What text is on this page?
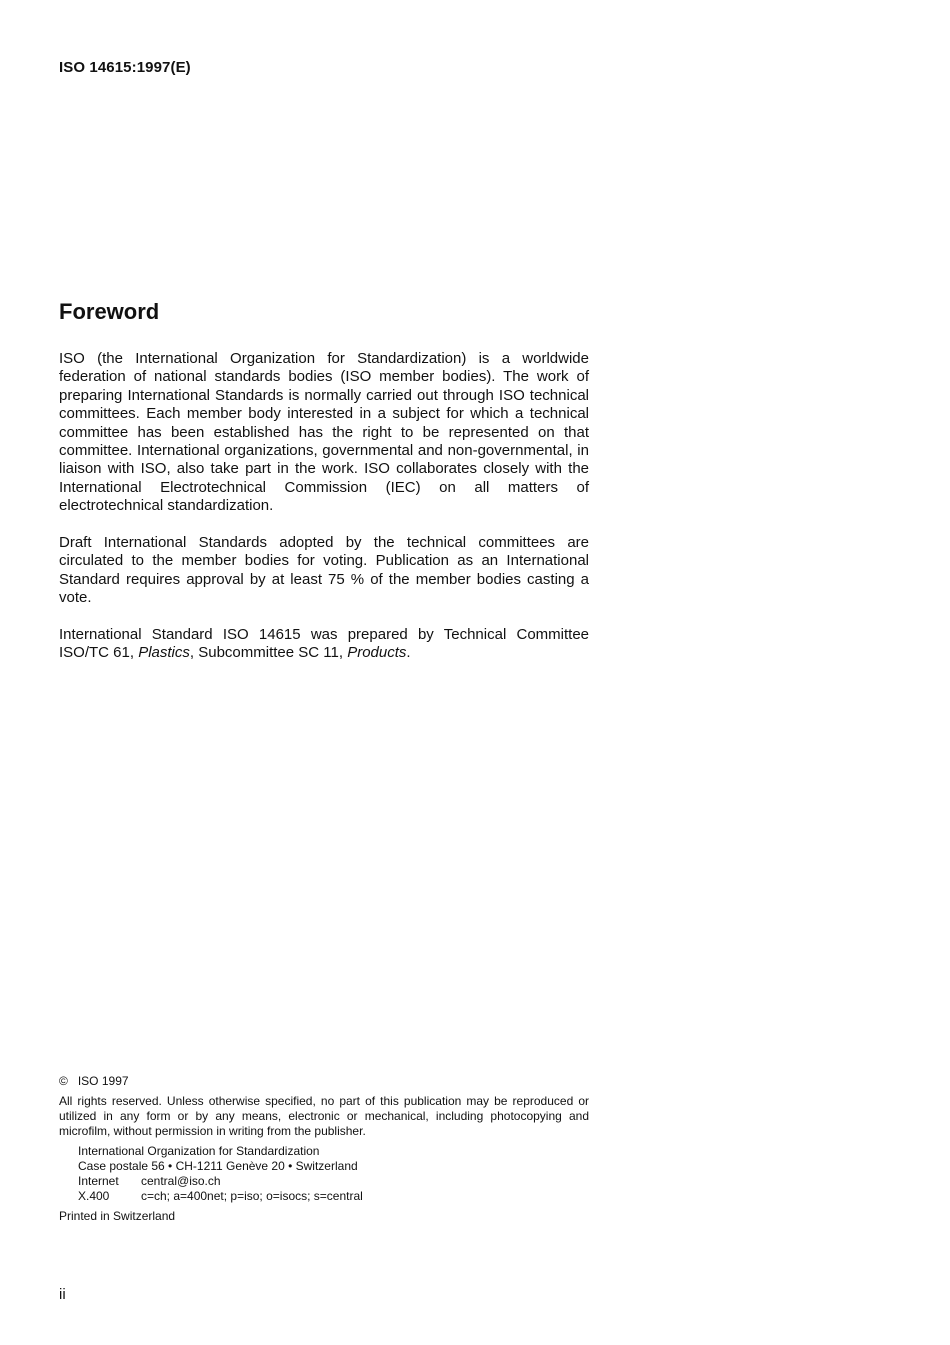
ISO 14615:1997(E)
Foreword
ISO (the International Organization for Standardization) is a worldwide federation of national standards bodies (ISO member bodies). The work of preparing International Standards is normally carried out through ISO technical committees. Each member body interested in a subject for which a technical committee has been established has the right to be represented on that committee. International organizations, governmental and non-governmental, in liaison with ISO, also take part in the work. ISO collaborates closely with the International Electrotechnical Commission (IEC) on all matters of electrotechnical standardization.
Draft International Standards adopted by the technical committees are circulated to the member bodies for voting. Publication as an International Standard requires approval by at least 75 % of the member bodies casting a vote.
International Standard ISO 14615 was prepared by Technical Committee ISO/TC 61, Plastics, Subcommittee SC 11, Products.
© ISO 1997
All rights reserved. Unless otherwise specified, no part of this publication may be reproduced or utilized in any form or by any means, electronic or mechanical, including photocopying and microfilm, without permission in writing from the publisher.
International Organization for Standardization
Case postale 56 • CH-1211 Genève 20 • Switzerland
Internet central@iso.ch
X.400	c=ch; a=400net; p=iso; o=isocs; s=central
Printed in Switzerland
ii
